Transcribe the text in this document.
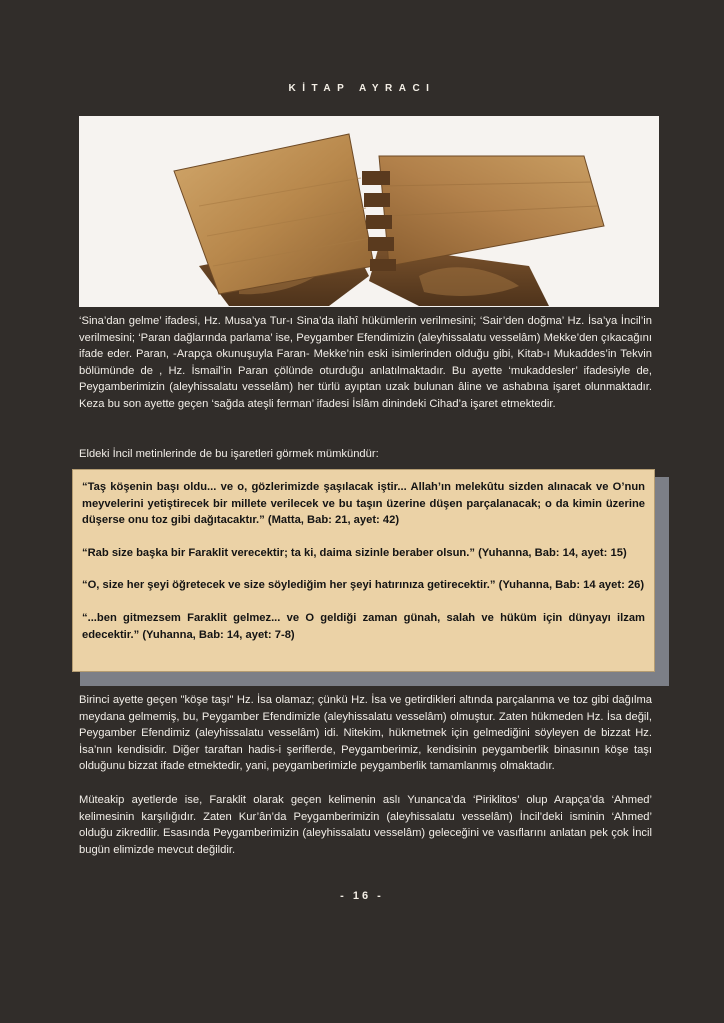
KİTAP AYRACI

‘Sina’dan gelme’ ifadesi, Hz. Musa’ya Tur-ı Sina’da ilahî hükümlerin verilmesini; ‘Sair’den doğma’ Hz. İsa’ya İncil’in verilmesini; ‘Paran dağlarında parlama’ ise, Peygamber Efendimizin (aleyhissalatu vesselâm) Mekke’den çıkacağını ifade eder. Paran, -Arapça okunuşuyla Faran- Mekke’nin eski isimlerinden olduğu gibi, Kitab-ı Mukaddes’in Tekvin bölümünde de , Hz. İsmail’in Paran çölünde oturduğu anlatılmaktadır. Bu ayette ‘mukaddesler’ ifadesiyle de, Peygamberimizin (aleyhissalatu vesselâm) her türlü ayıptan uzak bulunan âline ve ashabına işaret olunmaktadır. Keza bu son ayette geçen ‘sağda ateşli ferman’ ifadesi İslâm dinindeki Cihad’a işaret etmektedir.

Eldeki İncil metinlerinde de bu işaretleri görmek mümkündür:

“Taş köşenin başı oldu... ve o, gözlerimizde şaşılacak iştir... Allah’ın melekûtu sizden alınacak ve O’nun meyvelerini yetiştirecek bir millete verilecek ve bu taşın üzerine düşen parçalanacak; o da kimin üzerine düşerse onu toz gibi dağıtacaktır.” (Matta, Bab: 21, ayet: 42)

“Rab size başka bir Faraklit verecektir; ta ki, daima sizinle beraber olsun.” (Yuhanna, Bab: 14, ayet: 15)

“O, size her şeyi öğretecek ve size söylediğim her şeyi hatırınıza getirecektir.” (Yuhanna, Bab: 14 ayet: 26)

“...ben gitmezsem Faraklit gelmez... ve O geldiği zaman günah, salah ve hüküm için dünyayı ilzam edecektir.” (Yuhanna, Bab: 14, ayet: 7-8)

Birinci ayette geçen "köşe taşı" Hz. İsa olamaz; çünkü Hz. İsa ve getirdikleri altında parçalanma ve toz gibi dağılma meydana gelmemiş, bu, Peygamber Efendimizle (aleyhissalatu vesselâm) olmuştur. Zaten hükmeden Hz. İsa değil, Peygamber Efendimiz (aleyhissalatu vesselâm) idi. Nitekim, hükmetmek için gelmediğini söyleyen de bizzat Hz. İsa’nın kendisidir. Diğer taraftan hadis-i şeriflerde, Peygamberimiz, kendisinin peygamberlik binasının köşe taşı olduğunu bizzat ifade etmektedir, yani, peygamberimizle peygamberlik tamamlanmış olmaktadır.

Müteakip ayetlerde ise, Faraklit olarak geçen kelimenin aslı Yunanca’da ‘Piriklitos’ olup Arapça’da ‘Ahmed’ kelimesinin karşılığıdır. Zaten Kur’ân’da Peygamberimizin (aleyhissalatu vesselâm) İncil’deki isminin ‘Ahmed’ olduğu zikredilir. Esasında Peygamberimizin (aleyhissalatu vesselâm) geleceğini ve vasıflarını anlatan pek çok İncil bugün elimizde mevcut değildir.

- 16 -
